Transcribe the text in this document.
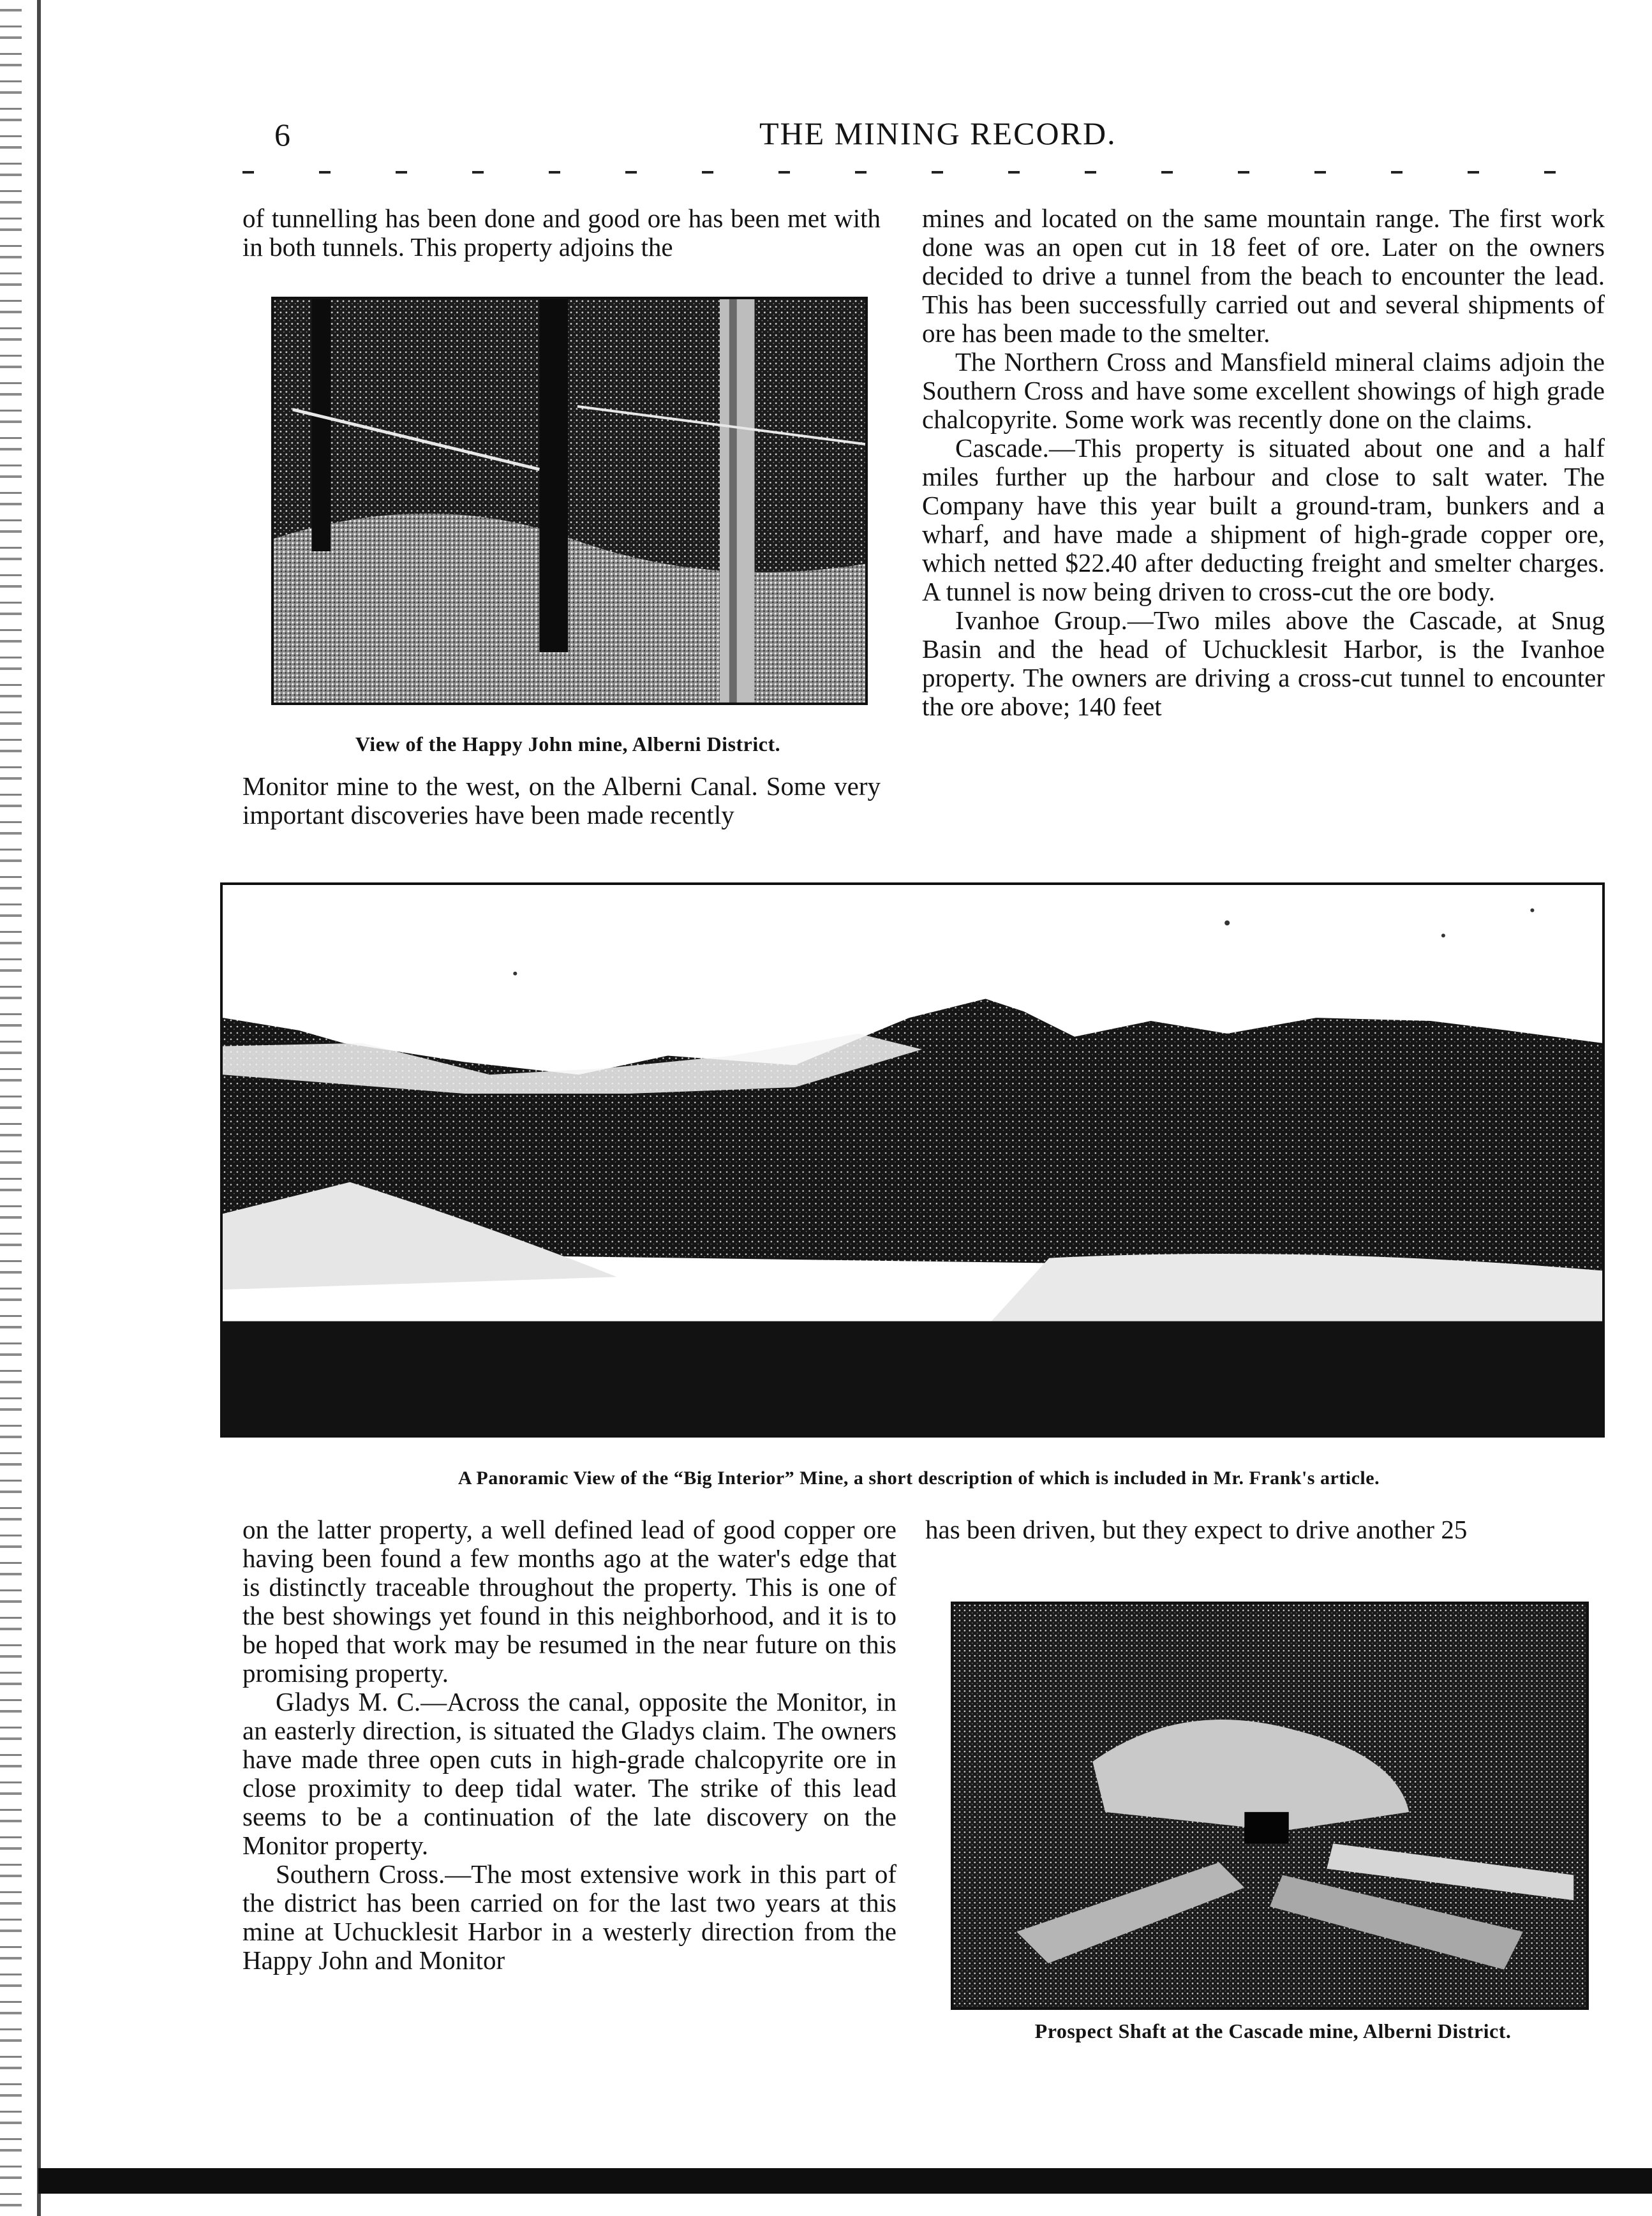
6	THE MINING RECORD.

of tunnelling has been done and good ore has been met with in both tunnels. This property adjoins the

View of the Happy John mine, Alberni District.

Monitor mine to the west, on the Alberni Canal. Some very important discoveries have been made recently

mines and located on the same mountain range. The first work done was an open cut in 18 feet of ore. Later on the owners decided to drive a tunnel from the beach to encounter the lead. This has been successfully carried out and several shipments of ore has been made to the smelter.

The Northern Cross and Mansfield mineral claims adjoin the Southern Cross and have some excellent showings of high grade chalcopyrite. Some work was recently done on the claims.

Cascade.—This property is situated about one and a half miles further up the harbour and close to salt water. The Company have this year built a ground-tram, bunkers and a wharf, and have made a shipment of high-grade copper ore, which netted $22.40 after deducting freight and smelter charges. A tunnel is now being driven to cross-cut the ore body.

Ivanhoe Group.—Two miles above the Cascade, at Snug Basin and the head of Uchucklesit Harbor, is the Ivanhoe property. The owners are driving a cross-cut tunnel to encounter the ore above; 140 feet

A Panoramic View of the “Big Interior” Mine, a short description of which is included in Mr. Frank's article.

on the latter property, a well defined lead of good copper ore having been found a few months ago at the water's edge that is distinctly traceable throughout the property. This is one of the best showings yet found in this neighborhood, and it is to be hoped that work may be resumed in the near future on this promising property.

Gladys M. C.—Across the canal, opposite the Monitor, in an easterly direction, is situated the Gladys claim. The owners have made three open cuts in high-grade chalcopyrite ore in close proximity to deep tidal water. The strike of this lead seems to be a continuation of the late discovery on the Monitor property.

Southern Cross.—The most extensive work in this part of the district has been carried on for the last two years at this mine at Uchucklesit Harbor in a westerly direction from the Happy John and Monitor

has been driven, but they expect to drive another 25

Prospect Shaft at the Cascade mine, Alberni District.
